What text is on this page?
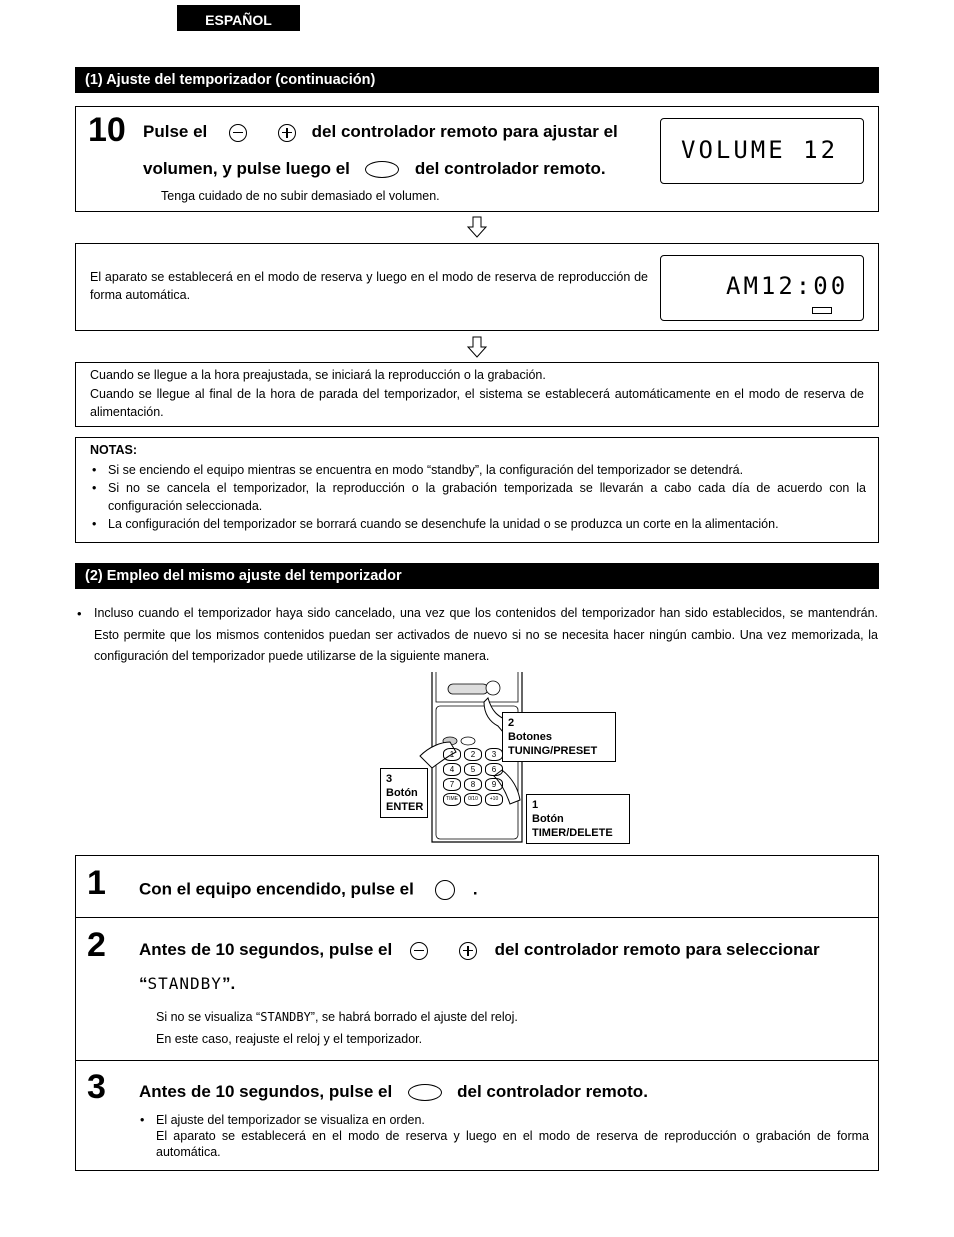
ESPAÑOL
(1) Ajuste del temporizador (continuación)
10 Pulse el	del controlador remoto para ajustar el
volumen, y pulse luego el	del controlador remoto.
Tenga cuidado de no subir demasiado el volumen.
VOLUME 12
El aparato se establecerá en el modo de reserva y luego en el modo de reserva de reproducción de forma automática.	AM12:00
Cuando se llegue a la hora preajustada, se iniciará la reproducción o la grabación.
Cuando se llegue al final de la hora de parada del temporizador, el sistema se establecerá automáticamente en el modo de reserva de alimentación.
NOTAS:
• Si se enciendo el equipo mientras se encuentra en modo “standby”, la configuración del temporizador se detendrá.
• Si no se cancela el temporizador, la reproducción o la grabación temporizada se llevarán a cabo cada día de acuerdo con la configuración seleccionada.
• La configuración del temporizador se borrará cuando se desenchufe la unidad o se produzca un corte en la alimentación.
(2) Empleo del mismo ajuste del temporizador
• Incluso cuando el temporizador haya sido cancelado, una vez que los contenidos del temporizador han sido establecidos, se mantendrán. Esto permite que los mismos contenidos puedan ser activados de nuevo si no se necesita hacer ningún cambio. Una vez memorizada, la configuración del temporizador puede utilizarse de la siguiente manera.
1	2	3
4	5	6
7	8	9
TIME	0/10	+10
2
Botones
TUNING/PRESET
3
Botón
ENTER	1
Botón
TIMER/DELETE
1 Con el equipo encendido, pulse el	.
2 Antes de 10 segundos, pulse el	del controlador remoto para seleccionar
“STANDBY”.
Si no se visualiza “STANDBY”, se habrá borrado el ajuste del reloj.
En este caso, reajuste el reloj y el temporizador.
3 Antes de 10 segundos, pulse el	del controlador remoto.
• El ajuste del temporizador se visualiza en orden.
El aparato se establecerá en el modo de reserva y luego en el modo de reserva de reproducción o grabación de forma automática.
